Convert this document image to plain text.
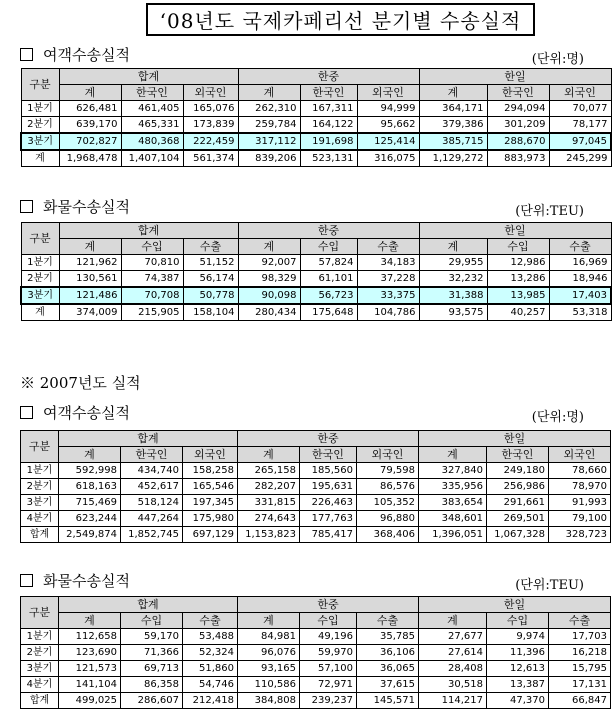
‘08년도 국제카페리선 분기별 수송실적
여객수송실적	(단위:명)
구분	합계			한중			한일		
	계	한국인	외국인	계	한국인	외국인	계	한국인	외국인
1분기	626,481	461,405	165,076	262,310	167,311	94,999	364,171	294,094	70,077
2분기	639,170	465,331	173,839	259,784	164,122	95,662	379,386	301,209	78,177
3분기	702,827	480,368	222,459	317,112	191,698	125,414	385,715	288,670	97,045
계	1,968,478	1,407,104	561,374	839,206	523,131	316,075	1,129,272	883,973	245,299
화물수송실적	(단위:TEU)
구분	합계			한중			한일		
	계	수입	수출	계	수입	수출	계	수입	수출
1분기	121,962	70,810	51,152	92,007	57,824	34,183	29,955	12,986	16,969
2분기	130,561	74,387	56,174	98,329	61,101	37,228	32,232	13,286	18,946
3분기	121,486	70,708	50,778	90,098	56,723	33,375	31,388	13,985	17,403
계	374,009	215,905	158,104	280,434	175,648	104,786	93,575	40,257	53,318
※ 2007년도 실적
여객수송실적	(단위:명)
구분	합계			한중			한일		
	계	한국인	외국인	계	한국인	외국인	계	한국인	외국인
1분기	592,998	434,740	158,258	265,158	185,560	79,598	327,840	249,180	78,660
2분기	618,163	452,617	165,546	282,207	195,631	86,576	335,956	256,986	78,970
3분기	715,469	518,124	197,345	331,815	226,463	105,352	383,654	291,661	91,993
4분기	623,244	447,264	175,980	274,643	177,763	96,880	348,601	269,501	79,100
합계	2,549,874	1,852,745	697,129	1,153,823	785,417	368,406	1,396,051	1,067,328	328,723
화물수송실적	(단위:TEU)
구분	합계			한중			한일		
	계	수입	수출	계	수입	수출	계	수입	수출
1분기	112,658	59,170	53,488	84,981	49,196	35,785	27,677	9,974	17,703
2분기	123,690	71,366	52,324	96,076	59,970	36,106	27,614	11,396	16,218
3분기	121,573	69,713	51,860	93,165	57,100	36,065	28,408	12,613	15,795
4분기	141,104	86,358	54,746	110,586	72,971	37,615	30,518	13,387	17,131
합계	499,025	286,607	212,418	384,808	239,237	145,571	114,217	47,370	66,847
